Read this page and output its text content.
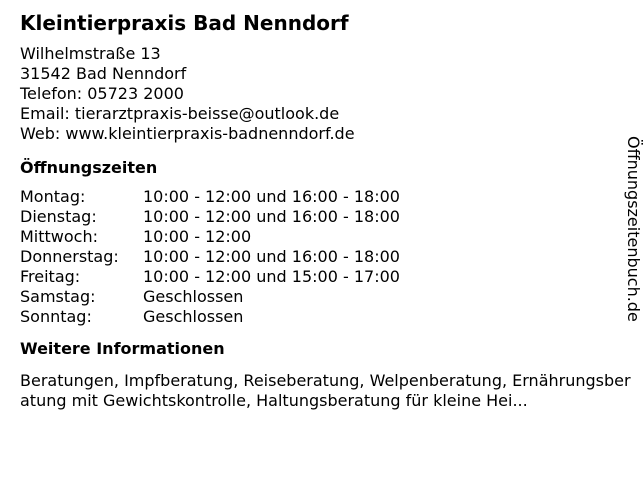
Kleintierpraxis Bad Nenndorf
Wilhelmstraße 13
31542 Bad Nenndorf
Telefon: 05723 2000
Email: tierarztpraxis-beisse@outlook.de
Web: www.kleintierpraxis-badnenndorf.de
Öffnungszeiten
Montag:	10:00 - 12:00 und 16:00 - 18:00
Dienstag:	10:00 - 12:00 und 16:00 - 18:00
Mittwoch:	10:00 - 12:00
Donnerstag:	10:00 - 12:00 und 16:00 - 18:00
Freitag:	10:00 - 12:00 und 15:00 - 17:00
Samstag:	Geschlossen
Sonntag:	Geschlossen
Weitere Informationen
Beratungen, Impfberatung, Reiseberatung, Welpenberatung, Ernährungsberatung mit Gewichtskontrolle, Haltungsberatung für kleine Hei...
Öffnungszeitenbuch.de
